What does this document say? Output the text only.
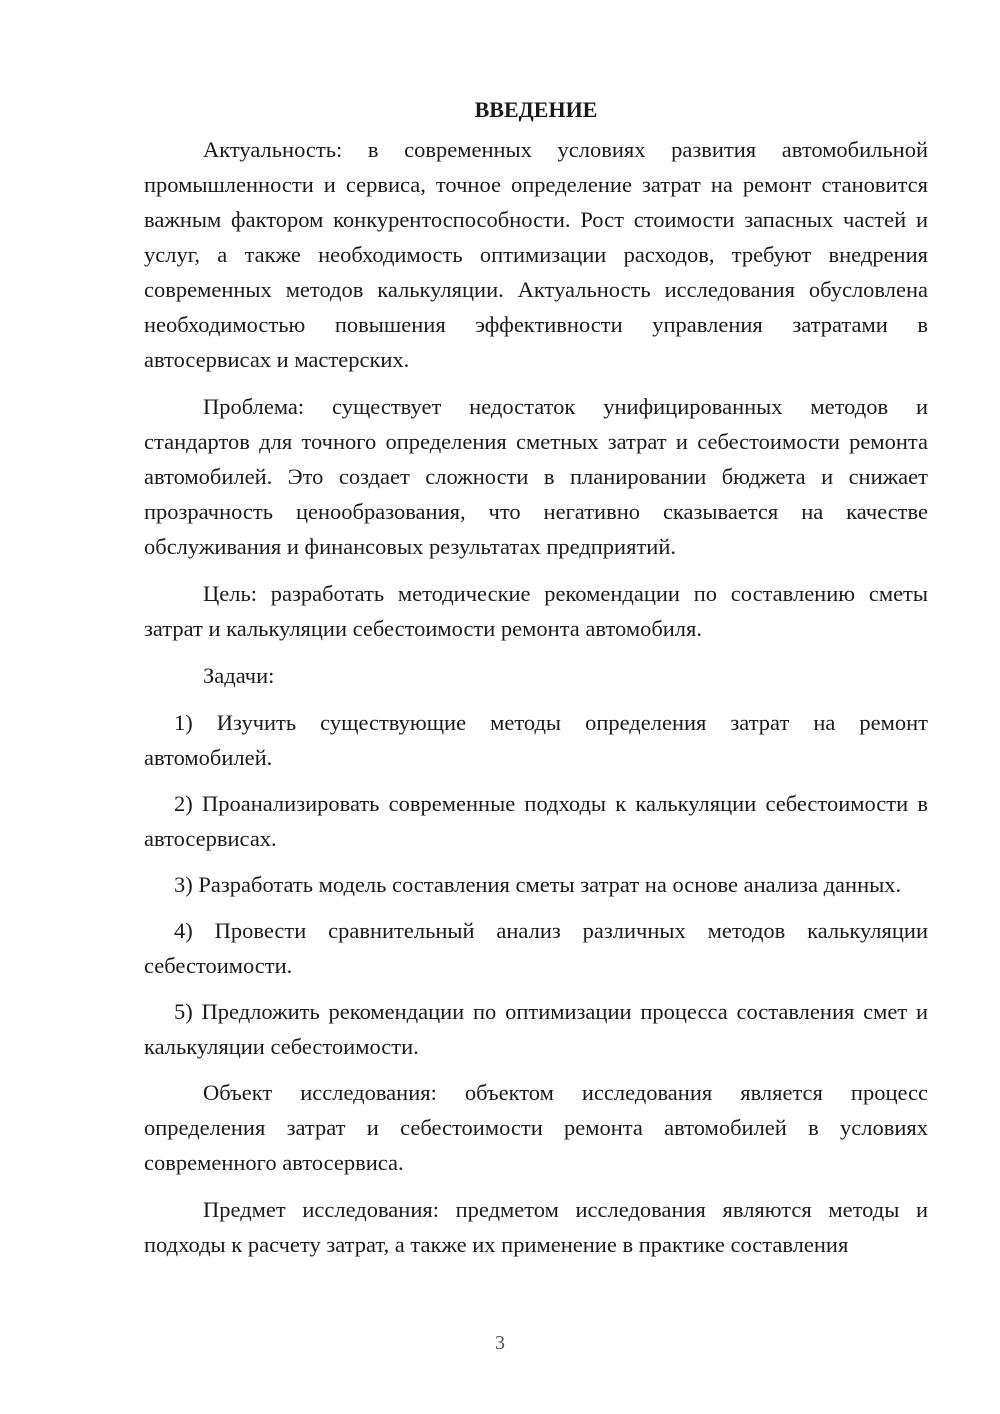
ВВЕДЕНИЕ

Актуальность: в современных условиях развития автомобильной промышленности и сервиса, точное определение затрат на ремонт становится важным фактором конкурентоспособности. Рост стоимости запасных частей и услуг, а также необходимость оптимизации расходов, требуют внедрения современных методов калькуляции. Актуальность исследования обусловлена необходимостью повышения эффективности управления затратами в автосервисах и мастерских.

Проблема: существует недостаток унифицированных методов и стандартов для точного определения сметных затрат и себестоимости ремонта автомобилей. Это создает сложности в планировании бюджета и снижает прозрачность ценообразования, что негативно сказывается на качестве обслуживания и финансовых результатах предприятий.

Цель: разработать методические рекомендации по составлению сметы затрат и калькуляции себестоимости ремонта автомобиля.

Задачи:

1) Изучить существующие методы определения затрат на ремонт автомобилей.

2) Проанализировать современные подходы к калькуляции себестоимости в автосервисах.

3) Разработать модель составления сметы затрат на основе анализа данных.

4) Провести сравнительный анализ различных методов калькуляции себестоимости.

5) Предложить рекомендации по оптимизации процесса составления смет и калькуляции себестоимости.

Объект исследования: объектом исследования является процесс определения затрат и себестоимости ремонта автомобилей в условиях современного автосервиса.

Предмет исследования: предметом исследования являются методы и подходы к расчету затрат, а также их применение в практике составления

3
